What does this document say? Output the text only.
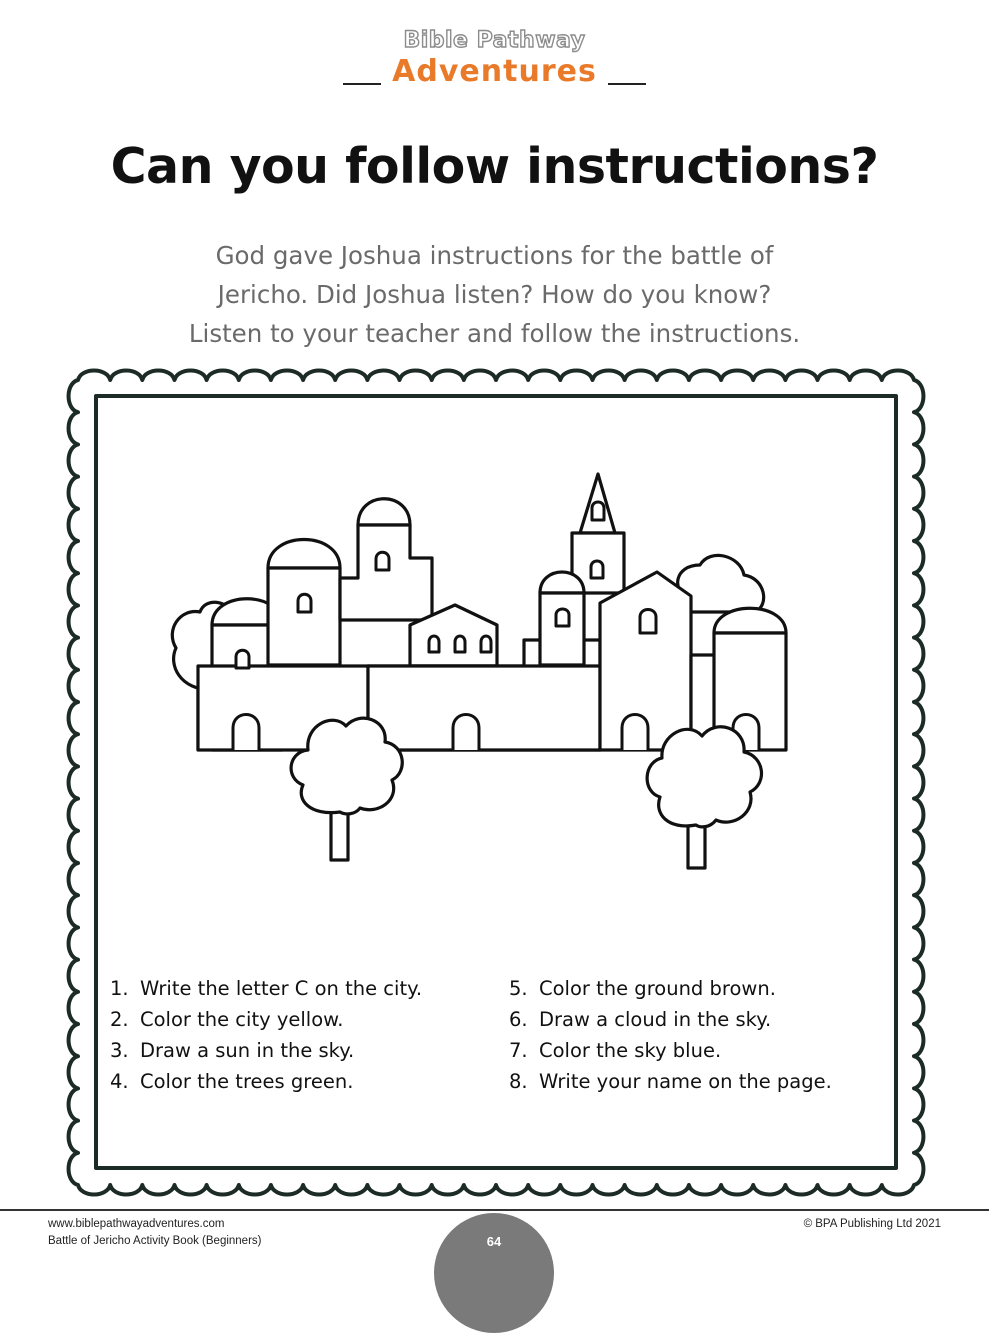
Bible Pathway
Adventures
Can you follow instructions?

God gave Joshua instructions for the battle of
Jericho. Did Joshua listen? How do you know?
Listen to your teacher and follow the instructions.

1. Write the letter C on the city.
2. Color the city yellow.
3. Draw a sun in the sky.
4. Color the trees green.
5. Color the ground brown.
6. Draw a cloud in the sky.
7. Color the sky blue.
8. Write your name on the page.
64
www.biblepathwayadventures.com
Battle of Jericho Activity Book (Beginners)
© BPA Publishing Ltd 2021
